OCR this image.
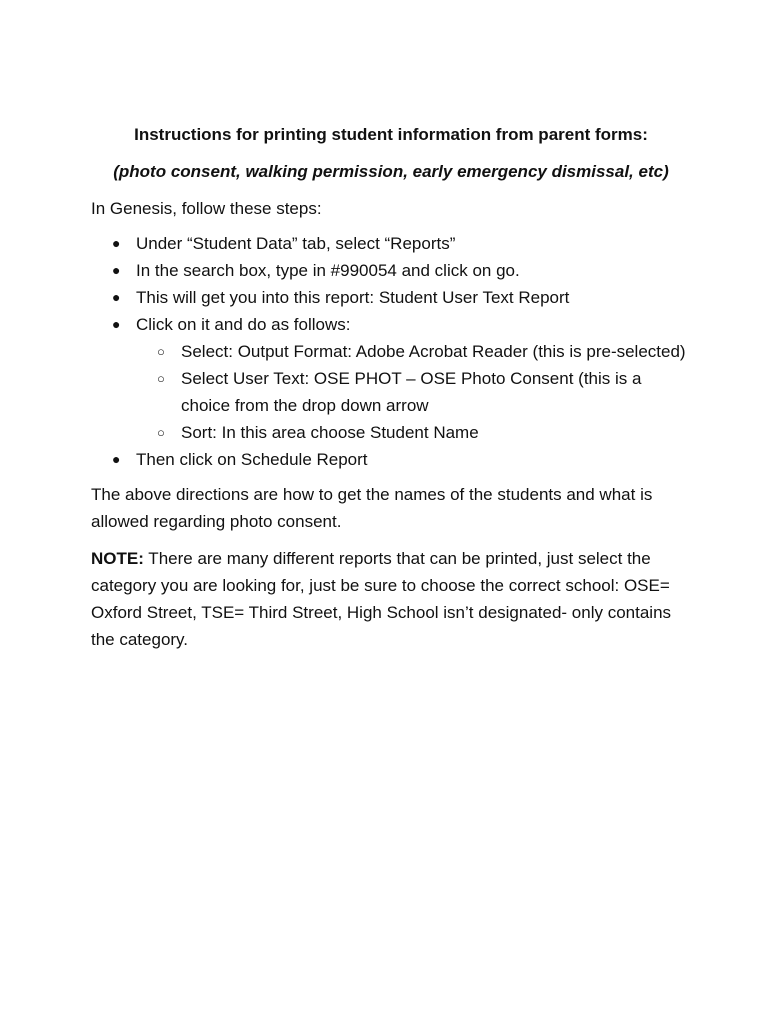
Instructions for printing student information from parent forms:
(photo consent, walking permission, early emergency dismissal, etc)
In Genesis, follow these steps:
● Under “Student Data” tab, select “Reports”
● In the search box, type in #990054 and click on go.
● This will get you into this report: Student User Text Report
● Click on it and do as follows:
○ Select: Output Format: Adobe Acrobat Reader (this is pre-selected)
○ Select User Text: OSE PHOT – OSE Photo Consent (this is a choice from the drop down arrow
○ Sort: In this area choose Student Name
● Then click on Schedule Report

The above directions are how to get the names of the students and what is allowed regarding photo consent.

NOTE: There are many different reports that can be printed, just select the category you are looking for, just be sure to choose the correct school: OSE= Oxford Street, TSE= Third Street, High School isn’t designated- only contains the category.
